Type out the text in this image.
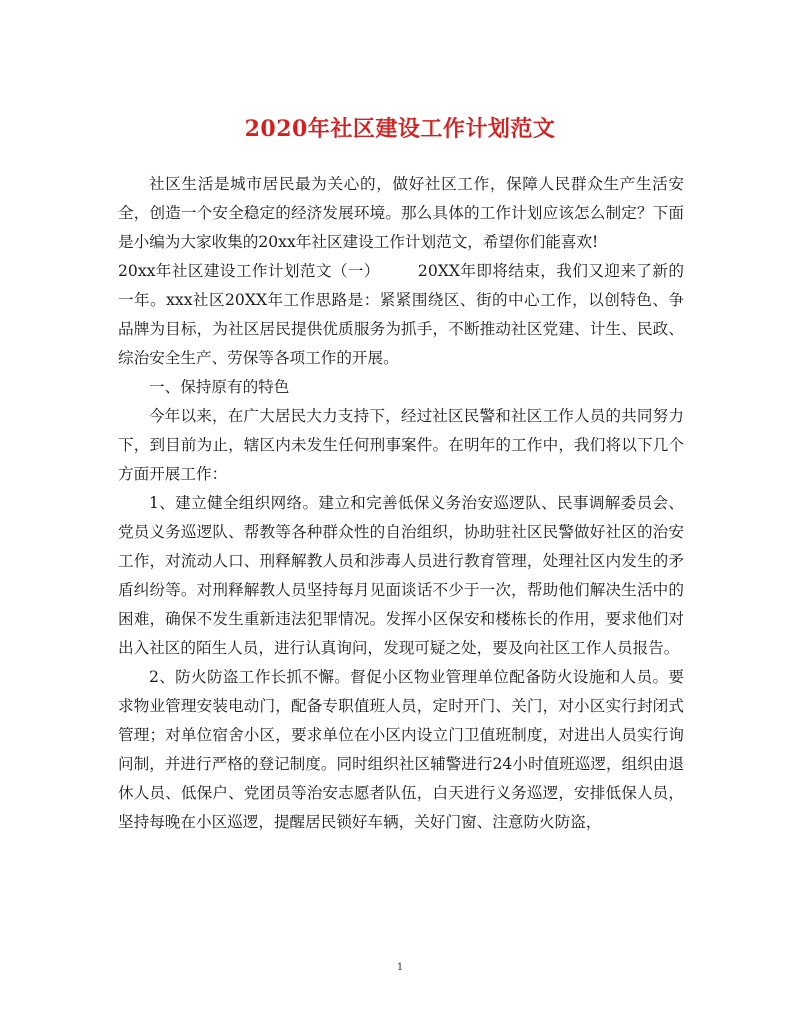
2020年社区建设工作计划范文

社区生活是城市居民最为关心的，做好社区工作，保障人民群众生产生活安全，创造一个安全稳定的经济发展环境。那么具体的工作计划应该怎么制定？下面是小编为大家收集的20xx年社区建设工作计划范文，希望你们能喜欢!

20xx年社区建设工作计划范文（一） 20XX年即将结束，我们又迎来了新的一年。xxx社区20XX年工作思路是：紧紧围绕区、街的中心工作，以创特色、争品牌为目标，为社区居民提供优质服务为抓手，不断推动社区党建、计生、民政、综治安全生产、劳保等各项工作的开展。

一、保持原有的特色

今年以来，在广大居民大力支持下，经过社区民警和社区工作人员的共同努力下，到目前为止，辖区内未发生任何刑事案件。在明年的工作中，我们将以下几个方面开展工作：

1、建立健全组织网络。建立和完善低保义务治安巡逻队、民事调解委员会、党员义务巡逻队、帮教等各种群众性的自治组织，协助驻社区民警做好社区的治安工作，对流动人口、刑释解教人员和涉毒人员进行教育管理，处理社区内发生的矛盾纠纷等。对刑释解教人员坚持每月见面谈话不少于一次，帮助他们解决生活中的困难，确保不发生重新违法犯罪情况。发挥小区保安和楼栋长的作用，要求他们对出入社区的陌生人员，进行认真询问，发现可疑之处，要及向社区工作人员报告。

2、防火防盗工作长抓不懈。督促小区物业管理单位配备防火设施和人员。要求物业管理安装电动门，配备专职值班人员，定时开门、关门，对小区实行封闭式管理；对单位宿舍小区，要求单位在小区内设立门卫值班制度，对进出人员实行询问制，并进行严格的登记制度。同时组织社区辅警进行24小时值班巡逻，组织由退休人员、低保户、党团员等治安志愿者队伍，白天进行义务巡逻，安排低保人员，坚持每晚在小区巡逻，提醒居民锁好车辆，关好门窗、注意防火防盗，

1
